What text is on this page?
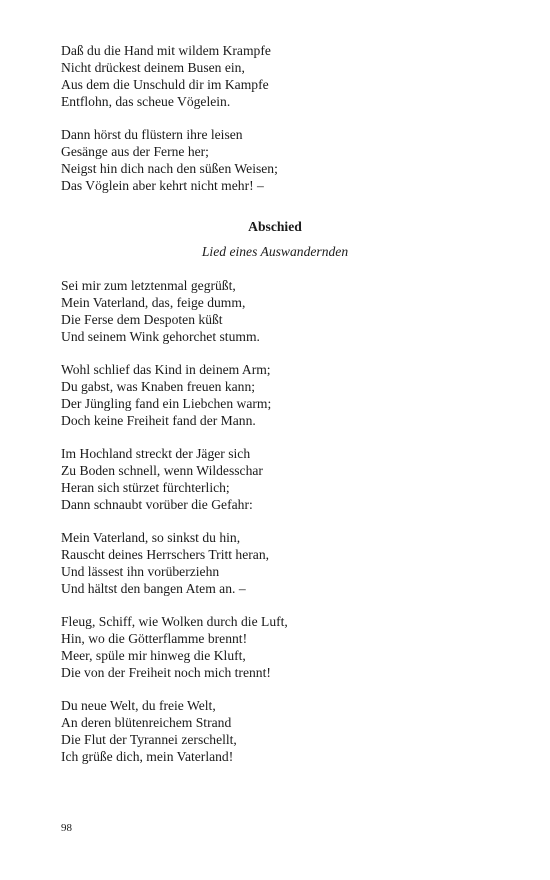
Daß du die Hand mit wildem Krampfe
Nicht drückest deinem Busen ein,
Aus dem die Unschuld dir im Kampfe
Entflohn, das scheue Vögelein.
Dann hörst du flüstern ihre leisen
Gesänge aus der Ferne her;
Neigst hin dich nach den süßen Weisen;
Das Vöglein aber kehrt nicht mehr! –
Abschied
Lied eines Auswandernden
Sei mir zum letztenmal gegrüßt,
Mein Vaterland, das, feige dumm,
Die Ferse dem Despoten küßt
Und seinem Wink gehorchet stumm.
Wohl schlief das Kind in deinem Arm;
Du gabst, was Knaben freuen kann;
Der Jüngling fand ein Liebchen warm;
Doch keine Freiheit fand der Mann.
Im Hochland streckt der Jäger sich
Zu Boden schnell, wenn Wildesschar
Heran sich stürzet fürchterlich;
Dann schnaubt vorüber die Gefahr:
Mein Vaterland, so sinkst du hin,
Rauscht deines Herrschers Tritt heran,
Und lässest ihn vorüberziehn
Und hältst den bangen Atem an. –
Fleug, Schiff, wie Wolken durch die Luft,
Hin, wo die Götterflamme brennt!
Meer, spüle mir hinweg die Kluft,
Die von der Freiheit noch mich trennt!
Du neue Welt, du freie Welt,
An deren blütenreichem Strand
Die Flut der Tyrannei zerschellt,
Ich grüße dich, mein Vaterland!
98
